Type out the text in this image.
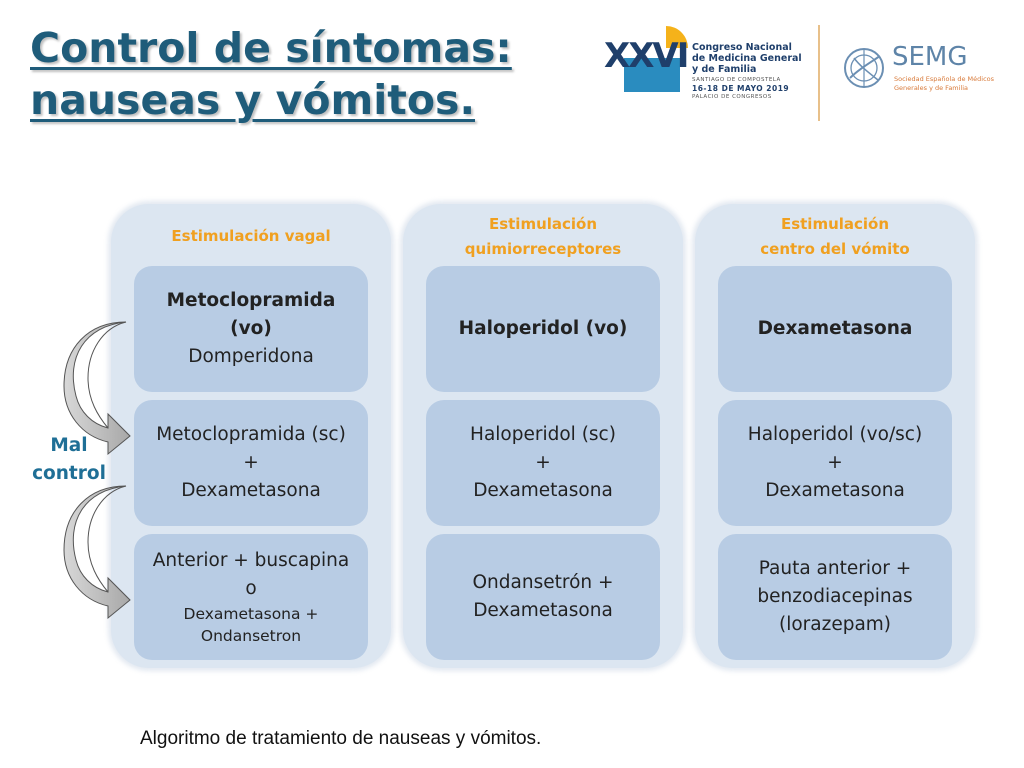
Control de síntomas:
nauseas y vómitos.
XXVI Congreso Nacional
de Medicina General
y de Familia
SANTIAGO DE COMPOSTELA
16-18 DE MAYO 2019
PALACIO DE CONGRESOS
SEMG
Sociedad Española de Médicos
Generales y de Familia
Estimulación vagal
Metoclopramida
(vo)
Domperidona
Metoclopramida (sc)
+
Dexametasona
Anterior + buscapina
o
Dexametasona +
Ondansetron
Estimulación
quimiorreceptores
Haloperidol (vo)
Haloperidol (sc)
+
Dexametasona
Ondansetrón +
Dexametasona
Estimulación
centro del vómito
Dexametasona
Haloperidol (vo/sc)
+
Dexametasona
Pauta anterior +
benzodiacepinas
(lorazepam)
Mal
control
Algoritmo de tratamiento de nauseas y vómitos.
